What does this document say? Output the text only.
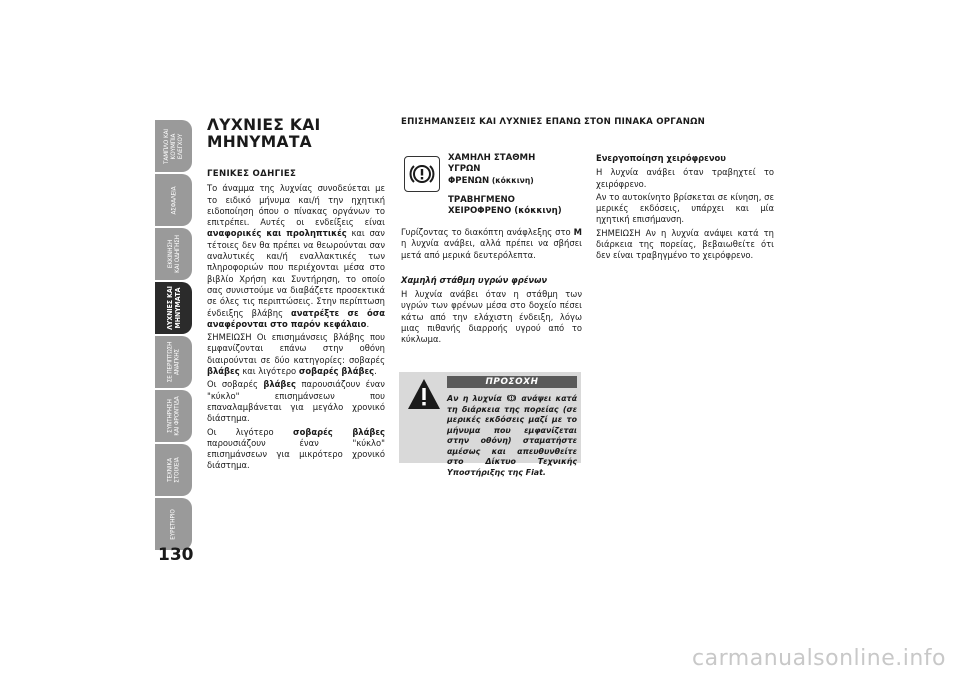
ΤΑΜΠΛΟ ΚΑΙ
ΚΟΥΜΠΙΑ
ΕΛΕΓΧΟΥ
ΑΣΦΑΛΕΙΑ
ΕΚΚΙΝΗΣΗ
ΚΑΙ ΟΔΗΓΗΣΗ
ΛΥΧΝΙΕΣ ΚΑΙ
ΜΗΝΥΜΑΤΑ
ΣΕ ΠΕΡΙΠΤΩΣΗ
ΑΝΑΓΚΗΣ
ΣΥΝΤΗΡΗΣΗ
ΚΑΙ ΦΡΟΝΤΙΔΑ
ΤΕΧΝΙΚΑ
ΣΤΟΙΧΕΙΑ
ΕΥΡΕΤΗΡΙΟ
130
ΛΥΧΝΙΕΣ ΚΑΙ
ΜΗΝΥΜΑΤΑ
ΓΕΝΙΚΕΣ ΟΔΗΓΙΕΣ

Το άναμμα της λυχνίας συνοδεύεται με το ειδικό μήνυμα και/ή την ηχητική ειδοποίηση όπου ο πίνακας οργάνων το επιτρέπει. Αυτές οι ενδείξεις είναι αναφορικές και προληπτικές και σαν τέτοιες δεν θα πρέπει να θεωρούνται σαν αναλυτικές και/ή εναλλακτικές των πληροφοριών που περιέχονται μέσα στο βιβλίο Χρήση και Συντήρηση, το οποίο σας συνιστούμε να διαβάζετε προσεκτικά σε όλες τις περιπτώσεις. Στην περίπτωση ένδειξης βλάβης ανατρέξτε σε όσα αναφέρονται στο παρόν κεφάλαιο.

ΣΗΜΕΙΩΣΗ Οι επισημάνσεις βλάβης που εμφανίζονται επάνω στην οθόνη διαιρούνται σε δύο κατηγορίες: σοβαρές βλάβες και λιγότερο σοβαρές βλάβες.

Οι σοβαρές βλάβες παρουσιάζουν έναν "κύκλο" επισημάνσεων που επαναλαμβάνεται για μεγάλο χρονικό διάστημα.

Οι λιγότερο σοβαρές βλάβες παρουσιάζουν έναν "κύκλο" επισημάνσεων για μικρότερο χρονικό διάστημα.

ΕΠΙΣΗΜΑΝΣΕΙΣ ΚΑΙ ΛΥΧΝΙΕΣ ΕΠΑΝΩ ΣΤΟΝ ΠΙΝΑΚΑ ΟΡΓΑΝΩΝ
ΧΑΜΗΛΗ ΣΤΑΘΜΗ
ΥΓΡΩΝ
ΦΡΕΝΩΝ (κόκκινη)
ΤΡΑΒΗΓΜΕΝΟ
ΧΕΙΡΟΦΡΕΝΟ (κόκκινη)

Γυρίζοντας το διακόπτη ανάφλεξης στο M η λυχνία ανάβει, αλλά πρέπει να σβήσει μετά από μερικά δευτερόλεπτα.

Χαμηλή στάθμη υγρών φρένων

Η λυχνία ανάβει όταν η στάθμη των υγρών των φρένων μέσα στο δοχείο πέσει κάτω από την ελάχιστη ένδειξη, λόγω μιας πιθανής διαρροής υγρού από το κύκλωμα.

ΠΡΟΣΟΧΗ
Αν η λυχνία  ανάψει κατά τη διάρκεια της πορείας (σε μερικές εκδόσεις μαζί με το μήνυμα που εμφανίζεται στην οθόνη) σταματήστε αμέσως και απευθυνθείτε στο Δίκτυο Τεχνικής Υποστήριξης της Fiat.

Ενεργοποίηση χειρόφρενου

Η λυχνία ανάβει όταν τραβηχτεί το χειρόφρενο.

Αν το αυτοκίνητο βρίσκεται σε κίνηση, σε μερικές εκδόσεις, υπάρχει και μία ηχητική επισήμανση.

ΣΗΜΕΙΩΣΗ Αν η λυχνία ανάψει κατά τη διάρκεια της πορείας, βεβαιωθείτε ότι δεν είναι τραβηγμένο το χειρόφρενο.

carmanualsonline.info
